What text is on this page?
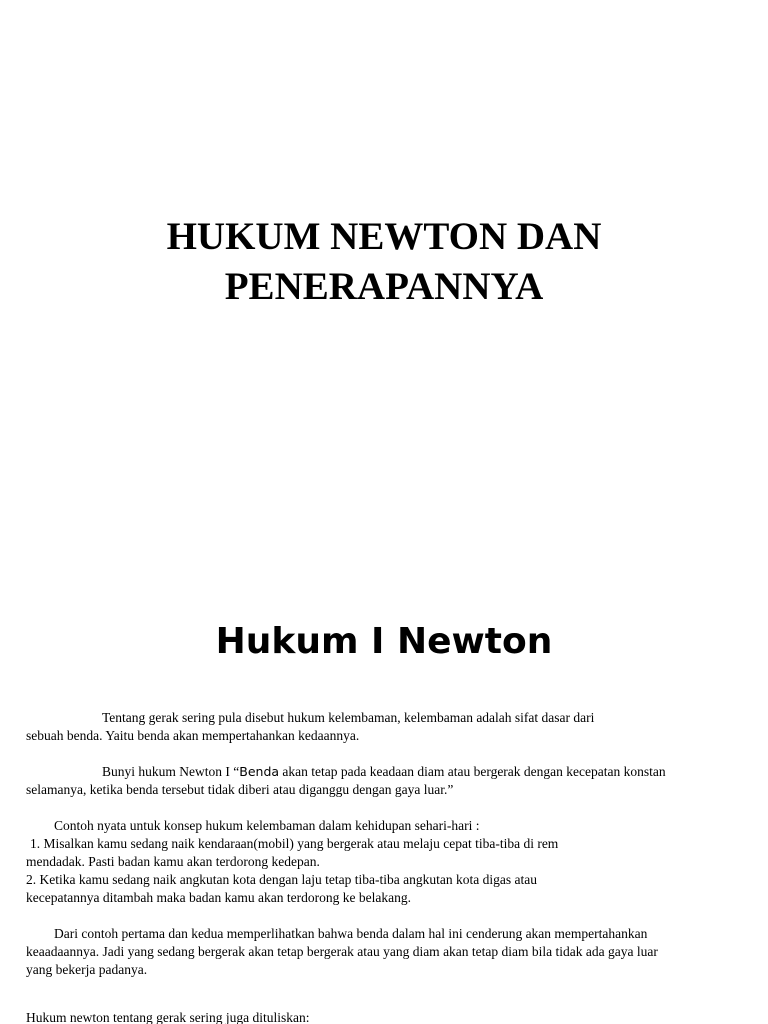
HUKUM NEWTON DAN
PENERAPANNYA
Hukum I Newton
Tentang gerak sering pula disebut hukum kelembaman, kelembaman adalah sifat dasar dari
sebuah benda. Yaitu benda akan mempertahankan kedaannya.
Bunyi hukum Newton I “Benda akan tetap pada keadaan diam atau bergerak dengan kecepatan konstan
selamanya, ketika benda tersebut tidak diberi atau diganggu dengan gaya luar.”
Contoh nyata untuk konsep hukum kelembaman dalam kehidupan sehari-hari :
1. Misalkan kamu sedang naik kendaraan(mobil) yang bergerak atau melaju cepat tiba-tiba di rem
mendadak. Pasti badan kamu akan terdorong kedepan.
2. Ketika kamu sedang naik angkutan kota dengan laju tetap tiba-tiba angkutan kota digas atau
kecepatannya ditambah maka badan kamu akan terdorong ke belakang.
Dari contoh pertama dan kedua memperlihatkan bahwa benda dalam hal ini cenderung akan mempertahankan
keaadaannya. Jadi yang sedang bergerak akan tetap bergerak atau yang diam akan tetap diam bila tidak ada gaya luar
yang bekerja padanya.
Hukum newton tentang gerak sering juga dituliskan:
